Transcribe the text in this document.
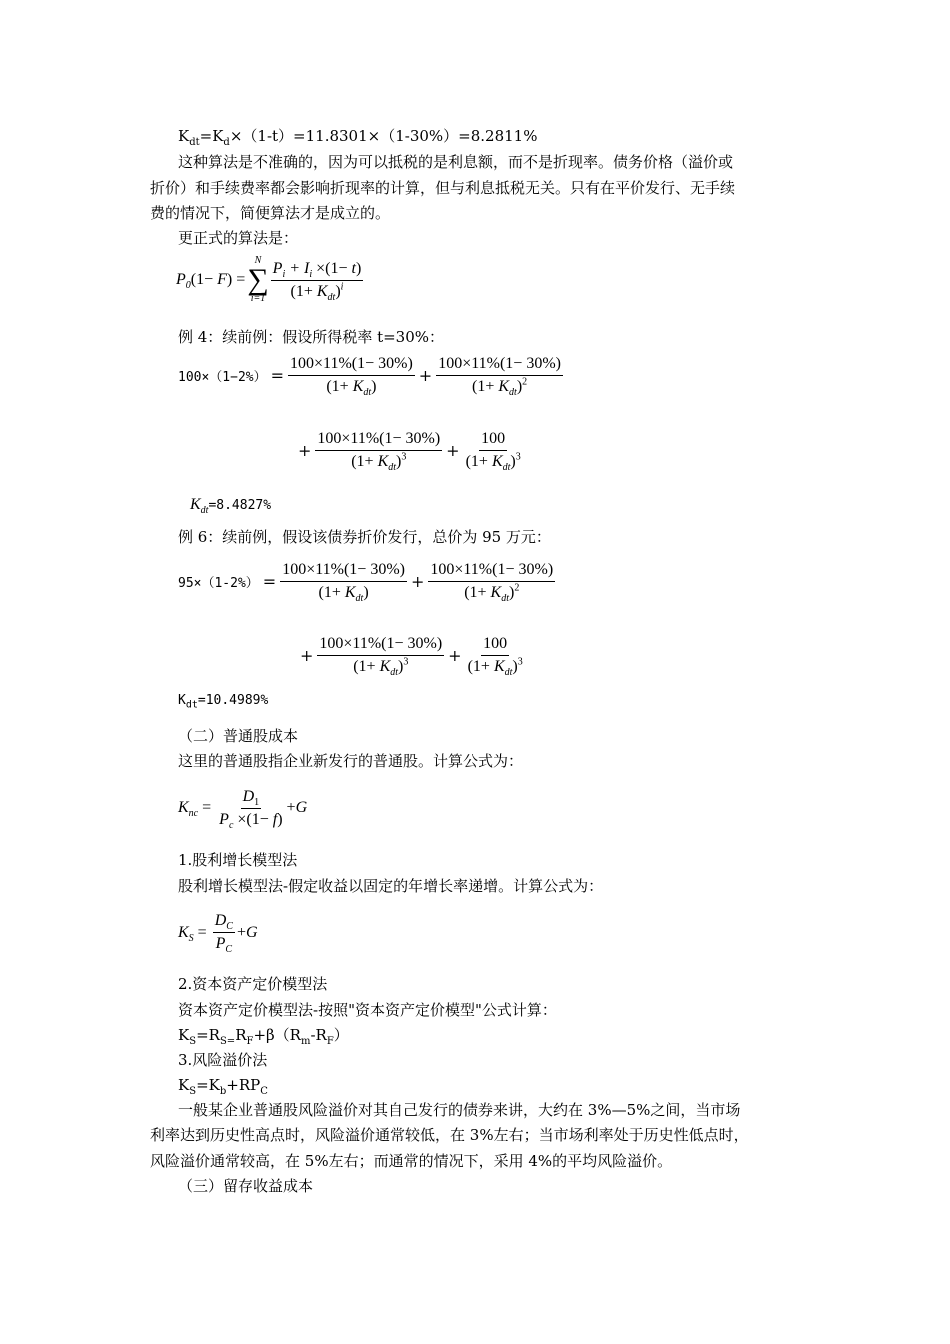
$K_{dt}=K_d\times(1-t)=11.8301\times(1-30\%)=8.2811\%$
这种算法是不准确的，因为可以抵税的是利息额，而不是折现率。债务价格（溢价或
折价）和手续费率都会影响折现率的计算，但与利息抵税无关。只有在平价发行、无手续
费的情况下，简便算法才是成立的。
更正式的算法是：
$P_0(1- F)$ =
N
∑
$i=1 \frac{P_i + I_i \times(1- t)}{(1+ K_{dt})^i}$
例 4：续前例：假设所得税率 t=30%：
$100\times(1-2\%) = \frac{100\times 11\%(1- 30\%)}{(1+ K_{dt})} + \frac{100\times 11\%(1- 30\%)}{(1+ K_{dt})^2}$
+ $\frac{100\times 11\%(1- 30\%)}{(1+ K_{dt})^3} + \frac{100}{(1+ K_{dt})^3}$
$K_{dt}=8.4827\%$
例 6：续前例，假设该债券折价发行，总价为 95 万元：
$95\times(1-2\%) = \frac{100\times 11\%(1- 30\%)}{(1+ K_{dt})} + \frac{100\times 11\%(1- 30\%)}{(1+ K_{dt})^2}$
+ $\frac{100\times 11\%(1- 30\%)}{(1+ K_{dt})^3} + \frac{100}{(1+ K_{dt})^3}$
$K_{dt}=10.4989\%$
（二）普通股成本
这里的普通股指企业新发行的普通股。计算公式为：
$K_{nc} = \frac{D_1}{P_c \times(1- f)} + G$
1.股利增长模型法
股利增长模型法-假定收益以固定的年增长率递增。计算公式为：
$K_S = \frac{D_C}{P_C} + G$
2.资本资产定价模型法
资本资产定价模型法-按照"资本资产定价模型"公式计算：
$K_S=R_{S=}R_F+\beta(R_m-R_F)$
3.风险溢价法
$K_S=K_b+RP_C$
一般某企业普通股风险溢价对其自己发行的债券来讲，大约在 3%—5%之间，当市场
利率达到历史性高点时，风险溢价通常较低，在 3%左右；当市场利率处于历史性低点时，
风险溢价通常较高，在 5%左右；而通常的情况下，采用 4%的平均风险溢价。
（三）留存收益成本
